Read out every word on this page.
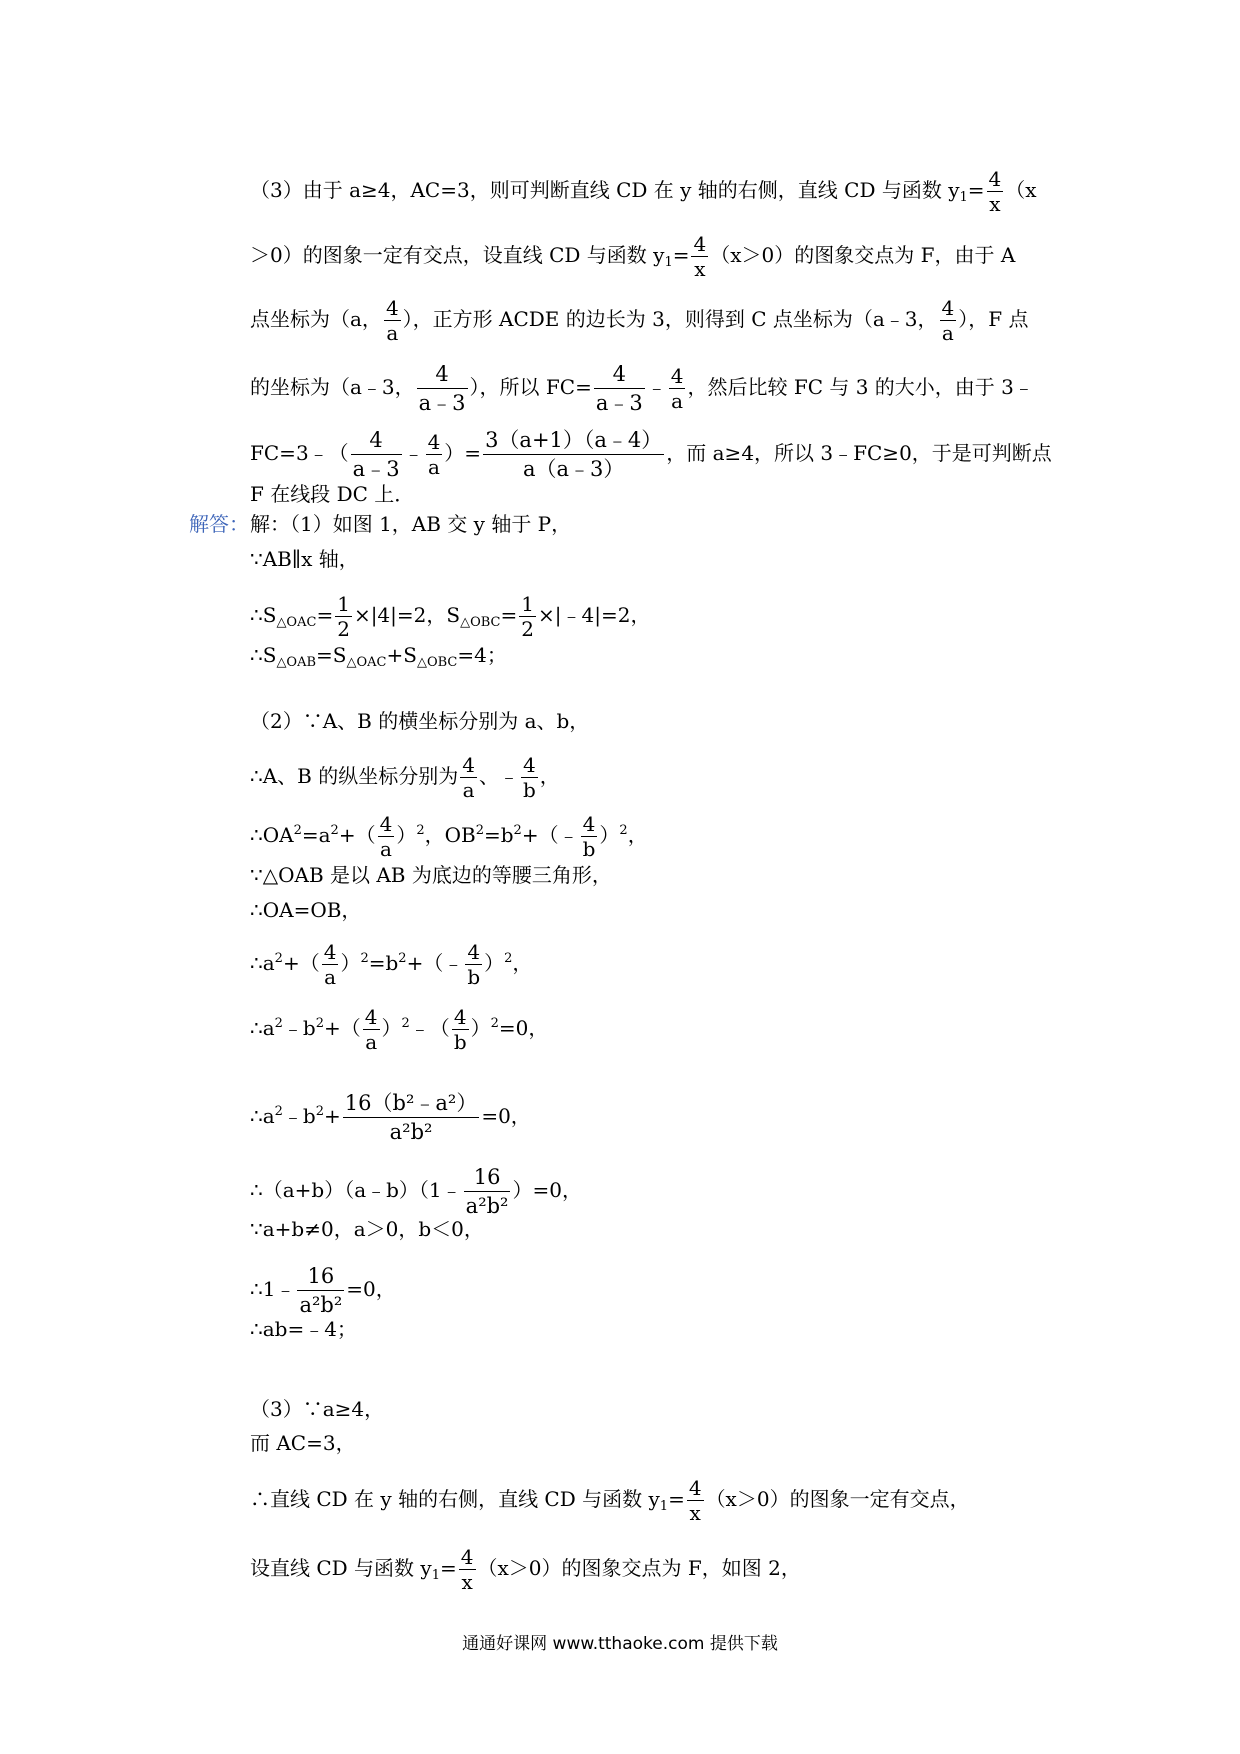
（3）由于 a≥4，AC=3，则可判断直线 CD 在 y 轴的右侧，直线 CD 与函数 $y_1= \frac{4}{x} (x$
＞0）的图象一定有交点，设直线 CD 与函数 $y_1= \frac{4}{x} (x>0)$的图象交点为 F，由于 A
点坐标为（a， $\frac{4}{a}$ ），正方形 ACDE 的边长为 3，则得到 C 点坐标为（a﹣3， $\frac{4}{a}$ ），F 点
的坐标为（a﹣3， $\frac{4}{a﹣3}$ ），所以 $FC= \frac{4}{a﹣3}$ ﹣ $\frac{4}{a}$ ，然后比较 FC 与 3 的大小，由于 3﹣
FC=3﹣（ $\frac{4}{a﹣3}$ ﹣ $\frac{4}{a}$ ）= $\frac{3(a+1)(a﹣4)}{a(a﹣3)}$ ，而 a≥4，所以 3﹣FC≥0，于是可判断点
F 在线段 DC 上．
解答： 解：（1）如图 1，AB 交 y 轴于 P，
∵AB∥x 轴，
$\therefore S_{\triangle OAC}= \frac{1}{2} \times|4|=2$，$S_{\triangle OBC}= \frac{1}{2}$ ×|﹣4|=2，
$\therefore S_{\triangle OAB}=S_{\triangle OAC}+S_{\triangle OBC}=4$；
（2）∵A、B 的横坐标分别为 a、b，
∴A、B 的纵坐标分别为 $\frac{4}{a}$ 、﹣ $\frac{4}{b}$ ，
$\therefore OA^2=a^2+( \frac{4}{a} )^2$，$OB^2=b^2+(﹣ \frac{4}{b} )^2$，
∵△OAB 是以 AB 为底边的等腰三角形，
∴OA=OB，
$\therefore a^2+( \frac{4}{a}$ ）$^2=b^2+(﹣ \frac{4}{b} )^2$，
$\therefore a^2﹣b^2+( \frac{4}{a}$ ）$^2$﹣（ $\frac{4}{b} )^2=0$，
$\therefore a^2﹣b^2+ \frac{\text{16（b²﹣a²）}}{\text{a²b²}} =0$，
∴（a+b）（a﹣b）（1﹣ $\frac{16}{\text{a²b²}} )=0$，
∵a+b≠0，a＞0，b＜0，
∴1﹣ $\frac{16}{\text{a²b²}} =0$，
∴ab=﹣4；
（3）∵a≥4，
而 AC=3，
∴直线 CD 在 y 轴的右侧，直线 CD 与函数 $y_1= \frac{4}{x} (x>0)$的图象一定有交点，
设直线 CD 与函数 $y_1= \frac{4}{x} (x>0)$的图象交点为 F，如图 2，
通通好课网 www.tthaoke.com 提供下载
